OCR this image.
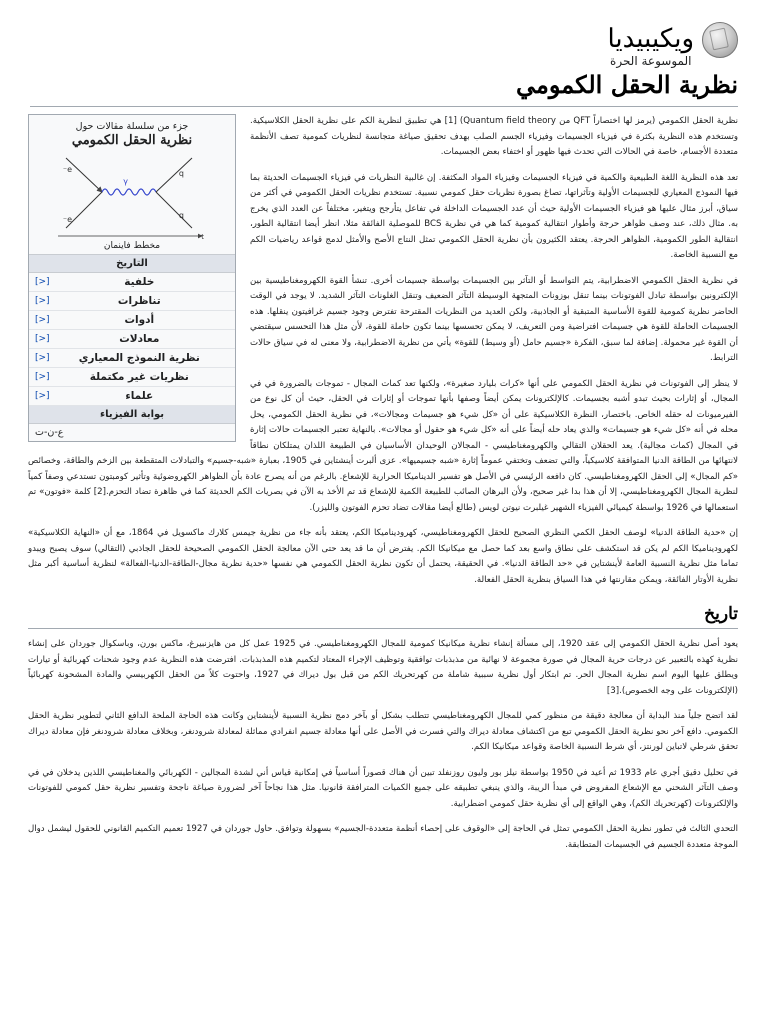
ويكيبيديا
الموسوعة الحرة
نظرية الحقل الكمومي
جزء من سلسلة مقالات حول
نظرية الحقل الكمومي
e⁻
e⁻
γ
q
q
t
مخطط فاينمان
التاريخ
خلفية
[>]
تناظرات
[>]
أدوات
[>]
معادلات
[>]
نظرية النموذج المعياري
[>]
نظريات غير مكتملة
[>]
علماء
[>]
بوابة الفيزياء
ع-ن-ت

نظرية الحقل الكمومي (يرمز لها اختصاراً QFT من Quantum field theory) [1] هي تطبيق لنظرية الكم على نظرية الحقل الكلاسيكية. وتستخدم هذه النظرية بكثرة في فيزياء الجسيمات وفيزياء الجسم الصلب بهدف تحقيق صياغة متجانسة لنظريات كمومية تصف الأنظمة متعددة الأجسام، خاصة في الحالات التي تحدث فيها ظهور أو اختفاء بعض الجسيمات.

تعد هذه النظرية اللغة الطبيعية والكمية في فيزياء الجسيمات وفيزياء المواد المكثفة. إن غالبية النظريات في فيزياء الجسيمات الحديثة بما فيها النموذج المعياري للجسيمات الأولية وتآثراتها، تصاغ بصورة نظريات حقل كمومي نسبية. تستخدم نظريات الحقل الكمومي في أكثر من سياق، أبرز مثال عليها هو فيزياء الجسيمات الأولية حيث أن عدد الجسيمات الداخلة في تفاعل يتأرجح ويتغير، مختلفاً عن العدد الذي يخرج به. مثال ذلك، عند وصف ظواهر حرجة وأطوار انتقالية كمومية كما هي في نظرية BCS للموصلية الفائقة مثلا، انظر أيضا انتقالية الطور، انتقالية الطور الكمومية، الظواهر الحرجة. يعتقد الكثيرون بأن نظرية الحقل الكمومي تمثل النتاج الأصح والأمثل لدمج قواعد رياضيات الكم مع النسبية الخاصة.

في نظرية الحقل الكمومي الاضطرابية، يتم التواسط أو التآثر بين الجسيمات بواسطة جسيمات أخرى. تنشأ القوة الكهرومغناطيسية بين الإلكترونين بواسطة تبادل الفوتونات بينما تنقل بوزونات المتجهة الوسيطة التآثر الضعيف وتنقل الغلونات التآثر الشديد. لا يوجد في الوقت الحاضر نظرية كمومية للقوة الأساسية المتبقية أو الجاذبية، ولكن العديد من النظريات المقترحة تفترض وجود جسيم غرافيتون ينقلها. هذه الجسيمات الحاملة للقوة هي جسيمات افتراضية ومن التعريف، لا يمكن تحسسها بينما تكون حاملة للقوة، لأن مثل هذا التحسس سيقتضي أن القوة غير محمولة. إضافة لما سبق، الفكرة «جسيم حامل (أو وسيط) للقوة» يأتي من نظرية الاضطرابية، ولا معنى له في سياق حالات الترابط.

لا ينظر إلى الفوتونات في نظرية الحقل الكمومي على أنها «كرات بليارد صغيرة»، ولكنها تعد كمات المجال - تموجات بالضرورة في في المجال، أو إثارات بحيث تبدو أشبه بجسيمات. كالإلكترونات يمكن أيضاً وصفها بأنها تموجات أو إثارات في الحقل، حيث أن كل نوع من الفيرميونات له حقله الخاص. باختصار، النظرة الكلاسيكية على أن «كل شيء هو جسيمات ومجالات»، في نظرية الحقل الكمومي، يحل محله في أنه «كل شيء هو جسيمات» والذي يعاد حله أيضاً على أنه «كل شيء هو حقول أو مجالات». بالنهاية تعتبر الجسيمات حالات إثارة في المجال (كمات مجالية). يعد الحقلان التقالي والكهرومغناطيسي - المجالان الوحيدان الأساسيان في الطبيعة اللذان يمتلكان نطاقاً لانتهائها من الطاقة الدنيا المتوافقة كلاسيكياً، والتي تضعف وتختفي عموماً إثارة «شبه جسيميها». عزى ألبرت أينشتاين في 1905، بعبارة «شبه-جسيم» والتبادلات المتقطعة بين الزخم والطاقة، وخصائص «كم المجال» إلى الحقل الكهرومغناطيسي. كان دافعه الرئيسي في الأصل هو تفسير الديناميكا الحرارية للإشعاع. بالرغم من أنه يصرح عادة بأن الظواهر الكهروضوئية وتأثير كومبتون تستدعي وصفاً كمياً لنظرية المجال الكهرومغناطيسي، إلا أن هذا بدا غير صحيح، ولأن البرهان الصائب للطبيعة الكمية للإشعاع قد تم الأخذ به الآن في بصريات الكم الحديثة كما في ظاهرة تضاد التحزم.[2] كلمة «فوتون» تم استعمالها في 1926 بواسطة كيميائي الفيزياء الشهير غيلبرت نيوتن لويس (طالع أيضا مقالات تضاد تحزم الفوتون والليزر).

إن «حدية الطاقة الدنيا» لوصف الحقل الكمي النظري الصحيح للحقل الكهرومغناطيسي، كهروديناميكا الكم، يعتقد بأنه جاء من نظرية جيمس كلارك ماكسويل في 1864، مع أن «النهاية الكلاسيكية» لكهروديناميكا الكم لم يكن قد استكشف على نطاق واسع بعد كما حصل مع ميكانيكا الكم. يفترض أن ما قد يعد حتى الآن معالجة الحقل الكمومي الصحيحة للحقل الجاذبي (التقالي) سوف يصبح ويبدو تماما مثل نظرية النسبية العامة لأينشتاين في «حد الطاقة الدنيا». في الحقيقة، يحتمل أن تكون نظرية الحقل الكمومي هي نفسها «حدية نظرية مجال-الطاقة-الدنيا-الفعالة» لنظرية أساسية أكبر مثل نظرية الأوتار الفائقة، ويمكن مقارنتها في هذا السياق بنظرية الحقل الفعالة.

تاريخ

يعود أصل نظرية الحقل الكمومي إلى عقد 1920، إلى مسألة إنشاء نظرية ميكانيكا كمومية للمجال الكهرومغناطيسي. في 1925 عمل كل من هايزنبيرغ، ماكس بورن، وباسكوال جوردان على إنشاء نظرية كهذه بالتعبير عن درجات حرية المجال في صورة مجموعة لا نهائية من مذبذبات توافقية وتوظيف الإجراء المعتاد لتكميم هذه المذبذبات. افترضت هذه النظرية عدم وجود شحنات كهربائية أو تيارات ويطلق عليها اليوم اسم نظرية المجال الحر. تم ابتكار أول نظرية سببية شاملة من كهرتحريك الكم من قبل بول ديراك في 1927، واحتوت كلاً من الحقل الكهربيسي والمادة المشحونة كهربائياً (الإلكترونات على وجه الخصوص).[3]

لقد اتضح جلياً منذ البداية أن معالجة دقيقة من منظور كمي للمجال الكهرومغناطيسي تتطلب بشكل أو بآخر دمج نظرية النسبية لأينشتاين وكانت هذه الحاجة الملحة الدافع الثاني لتطوير نظرية الحقل الكمومي. دافع آخر نحو نظرية الحقل الكمومي تبع من اكتشاف معادلة ديراك والتي فسرت في الأصل على أنها معادلة جسيم انفرادي مماثلة لمعادلة شرودنغر، وبخلاف معادلة شرودنغر فإن معادلة ديراك تحقق شرطي لاتباين لورنتز، أي شرط النسبية الخاصة وقواعد ميكانيكا الكم.

في تحليل دقيق أجري عام 1933 ثم أعيد في 1950 بواسطة نيلز بور وليون روزنفلد تبين أن هناك قصوراً أساسياً في إمكانية قياس أني لشدة المجالين - الكهربائي والمغناطيسي اللذين يدخلان في في وصف التآثر الشحني مع الإشعاع المفروض في مبدأ الريبة، والذي ينبغي تطبيقه على جميع الكميات المترافقة قانونيا. مثل هذا نجاحاً آخر لضرورة صياغة ناجحة وتفسير نظرية حقل كمومي للفوتونات والإلكترونات (كهرتحريك الكم)، وهي الواقع إلى أي نظرية حقل كمومي اضطرابية.

التحدي الثالث في تطور نظرية الحقل الكمومي تمثل في الحاجة إلى «الوقوف على إحصاء أنظمة متعددة-الجسيم» بسهولة وتوافق. حاول جوردان في 1927 تعميم التكميم القانوني للحقول ليشمل دوال الموجة متعددة الجسيم في الجسيمات المتطابقة.
